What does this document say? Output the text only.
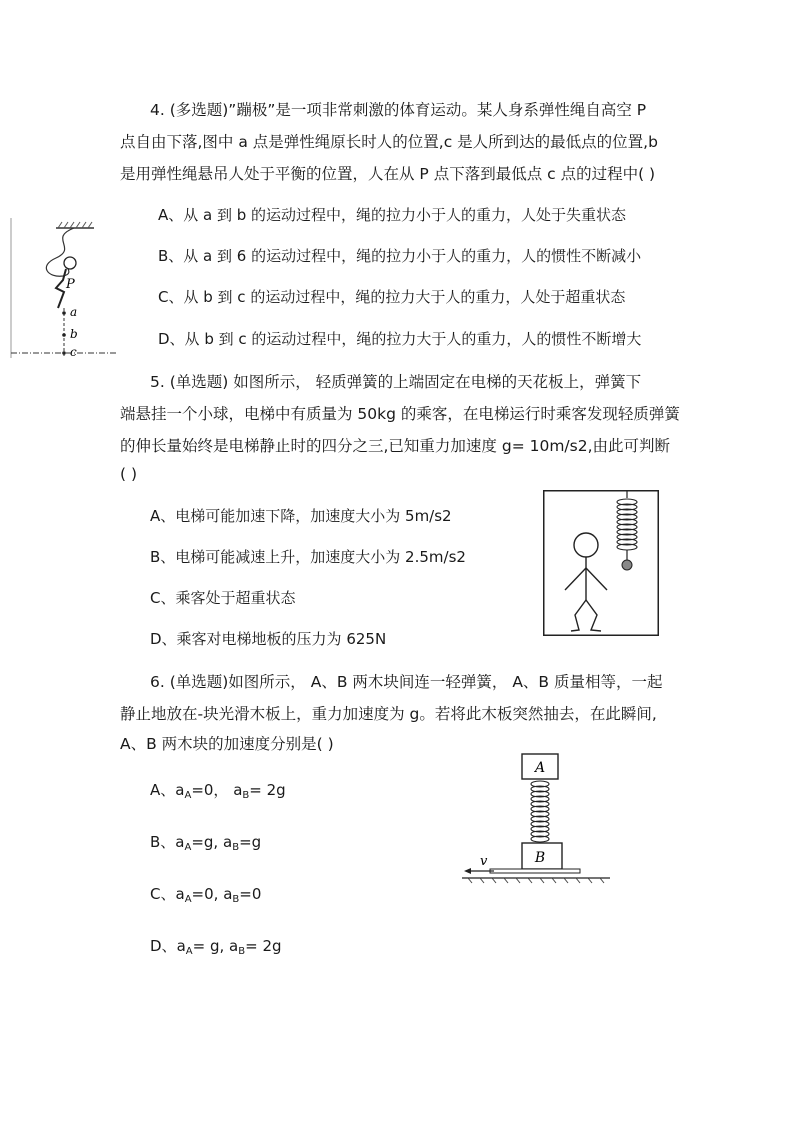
4. (多选题)”蹦极”是一项非常刺激的体育运动。某人身系弹性绳自高空 P
点自由下落,图中 a 点是弹性绳原长时人的位置,c 是人所到达的最低点的位置,b
是用弹性绳悬吊人处于平衡的位置，人在从 P 点下落到最低点 c 点的过程中( )
A、从 a 到 b 的运动过程中，绳的拉力小于人的重力，人处于失重状态
B、从 a 到 6 的运动过程中，绳的拉力小于人的重力，人的惯性不断减小
C、从 b 到 c 的运动过程中，绳的拉力大于人的重力，人处于超重状态
D、从 b 到 c 的运动过程中，绳的拉力大于人的重力，人的惯性不断增大
P
a
b
c
5. (单选题) 如图所示， 轻质弹簧的上端固定在电梯的天花板上，弹簧下
端悬挂一个小球，电梯中有质量为 50kg 的乘客，在电梯运行时乘客发现轻质弹簧
的伸长量始终是电梯静止时的四分之三,已知重力加速度 g= 10m/s2,由此可判断
( )
A、电梯可能加速下降，加速度大小为 5m/s2
B、电梯可能减速上升，加速度大小为 2.5m/s2
C、乘客处于超重状态
D、乘客对电梯地板的压力为 625N
6. (单选题)如图所示， A、B 两木块间连一轻弹簧， A、B 质量相等，一起
静止地放在-块光滑木板上，重力加速度为 g。若将此木板突然抽去，在此瞬间,
A、B 两木块的加速度分别是( )
A、$a_A=0$， $a_B= 2g$
B、$a_A=g$, $a_B=g$
C、$a_A=0$, $a_B=0$
D、$a_A= g$, $a_B= 2g$
A
B
v
